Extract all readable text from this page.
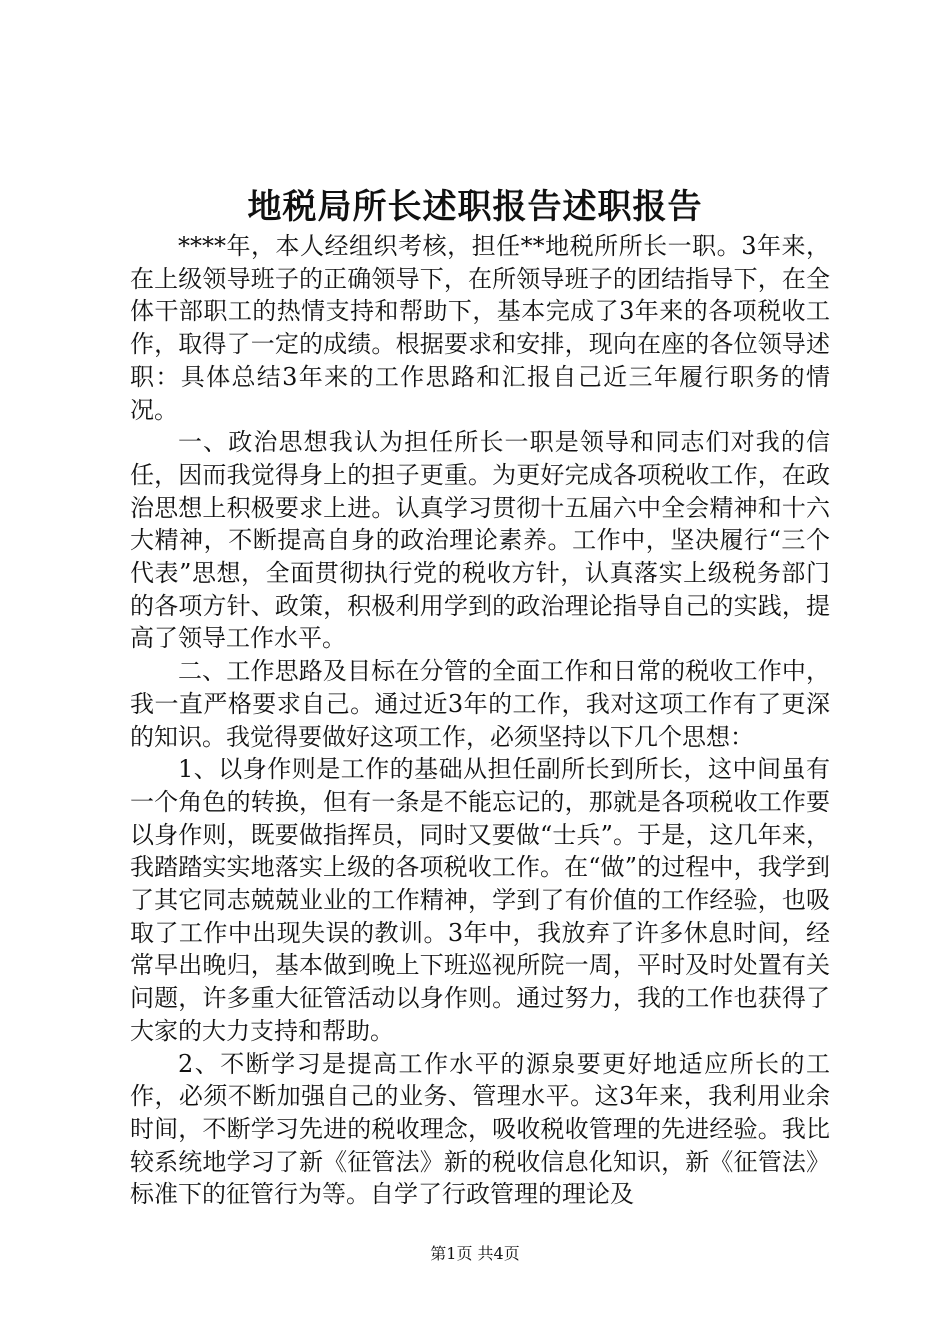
地税局所长述职报告述职报告

****年，本人经组织考核，担任**地税所所长一职。3年来，在上级领导班子的正确领导下，在所领导班子的团结指导下，在全体干部职工的热情支持和帮助下，基本完成了3年来的各项税收工作，取得了一定的成绩。根据要求和安排，现向在座的各位领导述职：具体总结3年来的工作思路和汇报自己近三年履行职务的情况。

一、政治思想我认为担任所长一职是领导和同志们对我的信任，因而我觉得身上的担子更重。为更好完成各项税收工作，在政治思想上积极要求上进。认真学习贯彻十五届六中全会精神和十六大精神，不断提高自身的政治理论素养。工作中，坚决履行“三个代表”思想，全面贯彻执行党的税收方针，认真落实上级税务部门的各项方针、政策，积极利用学到的政治理论指导自己的实践，提高了领导工作水平。

二、工作思路及目标在分管的全面工作和日常的税收工作中，我一直严格要求自己。通过近3年的工作，我对这项工作有了更深的知识。我觉得要做好这项工作，必须坚持以下几个思想：

1、以身作则是工作的基础从担任副所长到所长，这中间虽有一个角色的转换，但有一条是不能忘记的，那就是各项税收工作要以身作则，既要做指挥员，同时又要做“士兵”。于是，这几年来，我踏踏实实地落实上级的各项税收工作。在“做”的过程中，我学到了其它同志兢兢业业的工作精神，学到了有价值的工作经验，也吸取了工作中出现失误的教训。3年中，我放弃了许多休息时间，经常早出晚归，基本做到晚上下班巡视所院一周，平时及时处置有关问题，许多重大征管活动以身作则。通过努力，我的工作也获得了大家的大力支持和帮助。

2、不断学习是提高工作水平的源泉要更好地适应所长的工作，必须不断加强自己的业务、管理水平。这3年来，我利用业余时间，不断学习先进的税收理念，吸收税收管理的先进经验。我比较系统地学习了新《征管法》新的税收信息化知识，新《征管法》标准下的征管行为等。自学了行政管理的理论及

第1页 共4页
